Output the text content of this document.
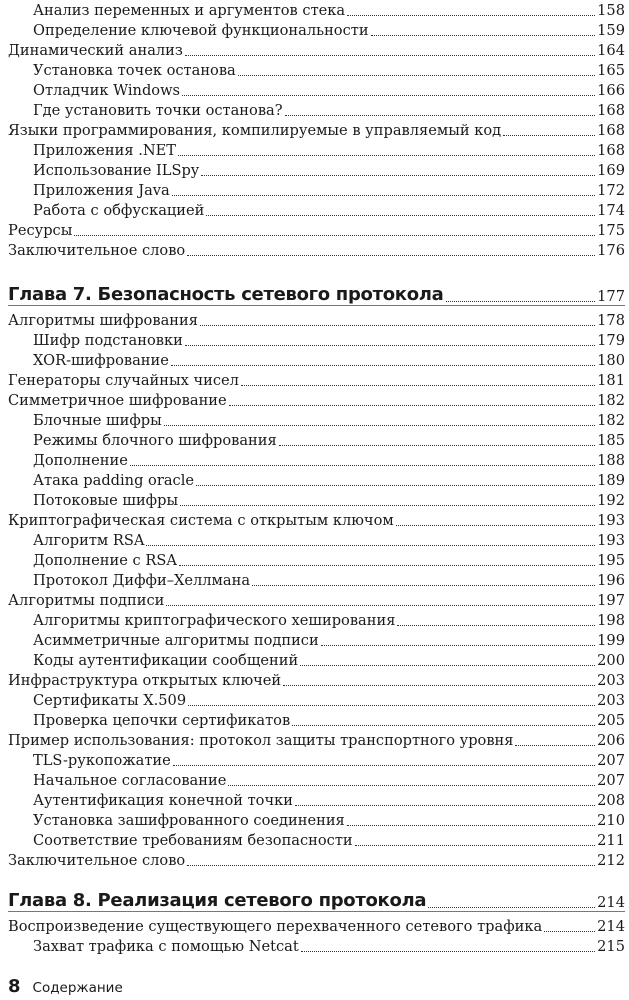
Анализ переменных и аргументов стека	158
Определение ключевой функциональности	159
Динамический анализ	164
Установка точек останова	165
Отладчик Windows	166
Где установить точки останова?	168
Языки программирования, компилируемые в управляемый код	168
Приложения .NET	168
Использование ILSpy	169
Приложения Java	172
Работа с обфускацией	174
Ресурсы	175
Заключительное слово	176
Глава 7. Безопасность сетевого протокола	177
Алгоритмы шифрования	178
Шифр подстановки	179
XOR-шифрование	180
Генераторы случайных чисел	181
Симметричное шифрование	182
Блочные шифры	182
Режимы блочного шифрования	185
Дополнение	188
Атака padding oracle	189
Потоковые шифры	192
Криптографическая система с открытым ключом	193
Алгоритм RSA	193
Дополнение с RSA	195
Протокол Диффи–Хеллмана	196
Алгоритмы подписи	197
Алгоритмы криптографического хеширования	198
Асимметричные алгоритмы подписи	199
Коды аутентификации сообщений	200
Инфраструктура открытых ключей	203
Сертификаты X.509	203
Проверка цепочки сертификатов	205
Пример использования: протокол защиты транспортного уровня	206
TLS-рукопожатие	207
Начальное согласование	207
Аутентификация конечной точки	208
Установка зашифрованного соединения	210
Соответствие требованиям безопасности	211
Заключительное слово	212
Глава 8. Реализация сетевого протокола	214
Воспроизведение существующего перехваченного сетевого трафика	214
Захват трафика с помощью Netcat	215
8 Содержание
